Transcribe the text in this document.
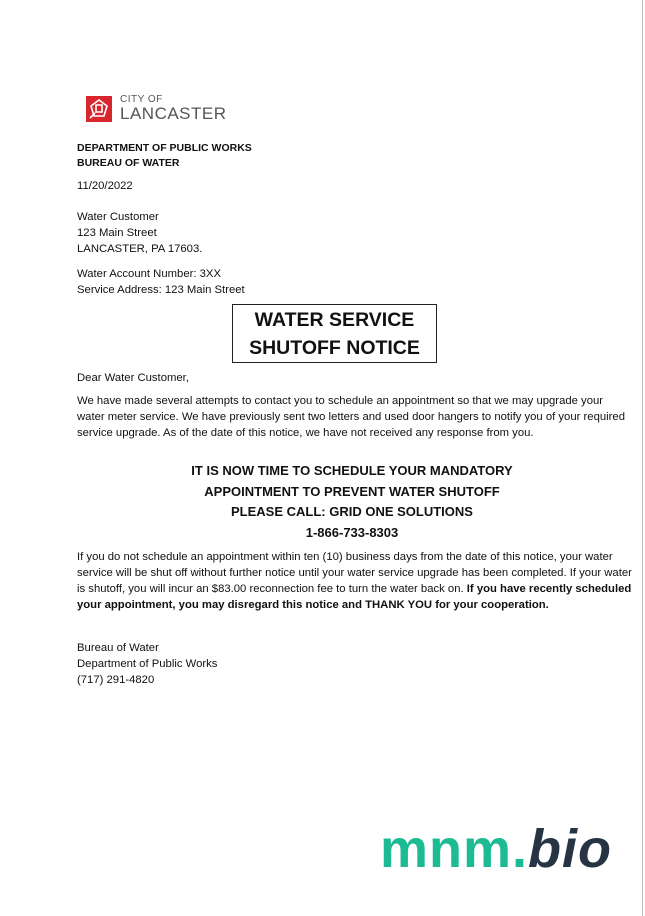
CITY OF
LANCASTER
DEPARTMENT OF PUBLIC WORKS
BUREAU OF WATER
11/20/2022
Water Customer
123 Main Street
LANCASTER, PA 17603.
Water Account Number: 3XX
Service Address: 123 Main Street
WATER SERVICE
SHUTOFF NOTICE
Dear Water Customer,
We have made several attempts to contact you to schedule an appointment so that we may upgrade your water meter service. We have previously sent two letters and used door hangers to notify you of your required service upgrade. As of the date of this notice, we have not received any response from you.
IT IS NOW TIME TO SCHEDULE YOUR MANDATORY
APPOINTMENT TO PREVENT WATER SHUTOFF
PLEASE CALL: GRID ONE SOLUTIONS
1-866-733-8303
If you do not schedule an appointment within ten (10) business days from the date of this notice, your water service will be shut off without further notice until your water service upgrade has been completed. If your water is shutoff, you will incur an $83.00 reconnection fee to turn the water back on. If you have recently scheduled your appointment, you may disregard this notice and THANK YOU for your cooperation.
Bureau of Water
Department of Public Works
(717) 291-4820
mnm.bio
